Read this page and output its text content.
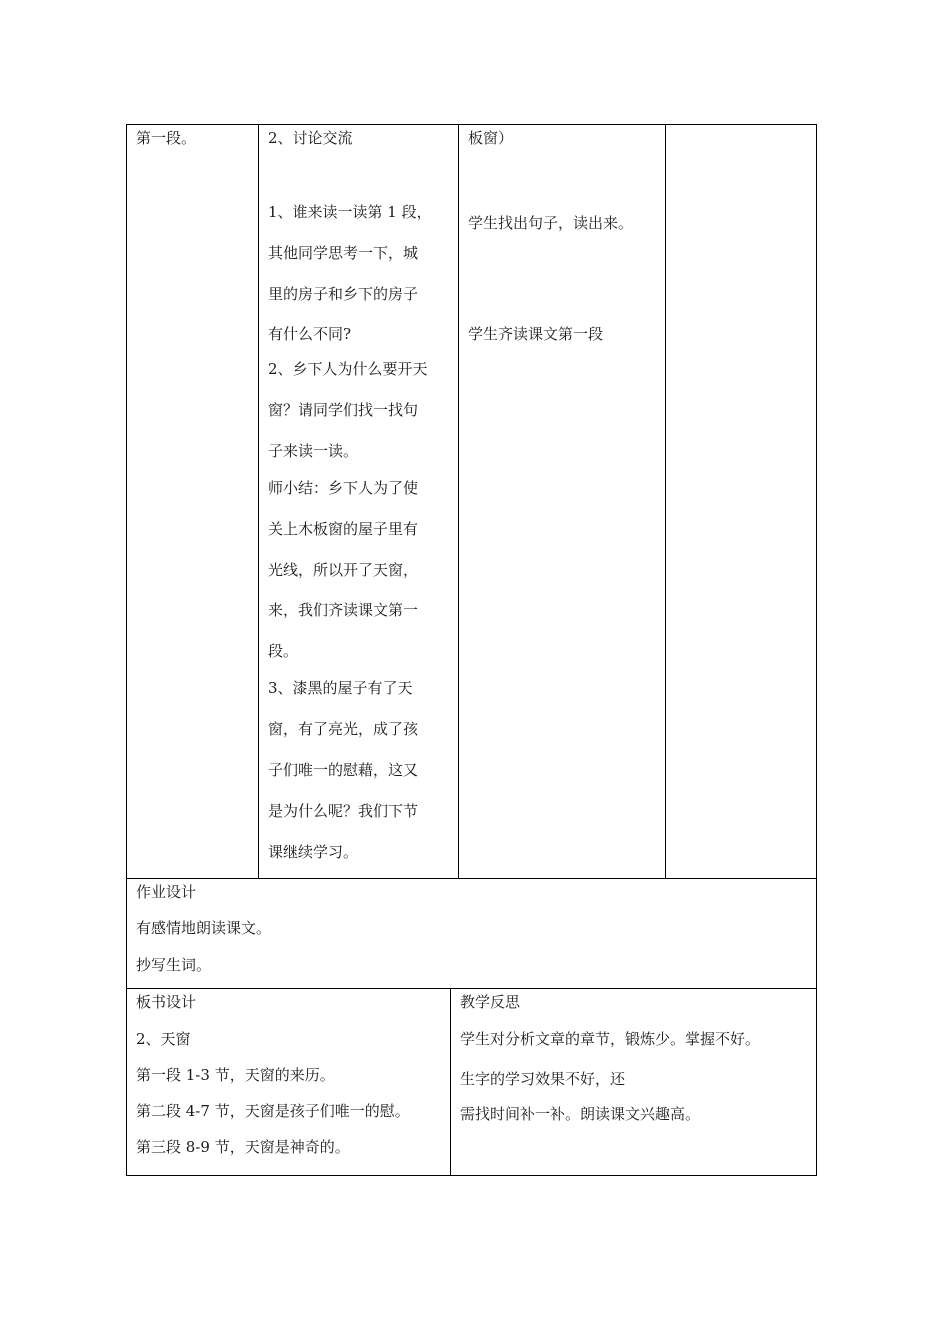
第一段。	2、讨论交流
1、谁来读一读第 1 段，
其他同学思考一下，城
里的房子和乡下的房子
有什么不同?
2、乡下人为什么要开天
窗？请同学们找一找句
子来读一读。
师小结：乡下人为了使
关上木板窗的屋子里有
光线，所以开了天窗，
来，我们齐读课文第一
段。
3、漆黑的屋子有了天
窗，有了亮光，成了孩
子们唯一的慰藉，这又
是为什么呢？我们下节
课继续学习。
板窗）
学生找出句子，读出来。
学生齐读课文第一段
作业设计
有感情地朗读课文。
抄写生词。
板书设计
2、天窗
第一段 1-3 节，天窗的来历。
第二段 4-7 节，天窗是孩子们唯一的慰。
第三段 8-9 节，天窗是神奇的。
教学反思
学生对分析文章的章节，锻炼少。掌握不好。
生字的学习效果不好，还
需找时间补一补。朗读课文兴趣高。
